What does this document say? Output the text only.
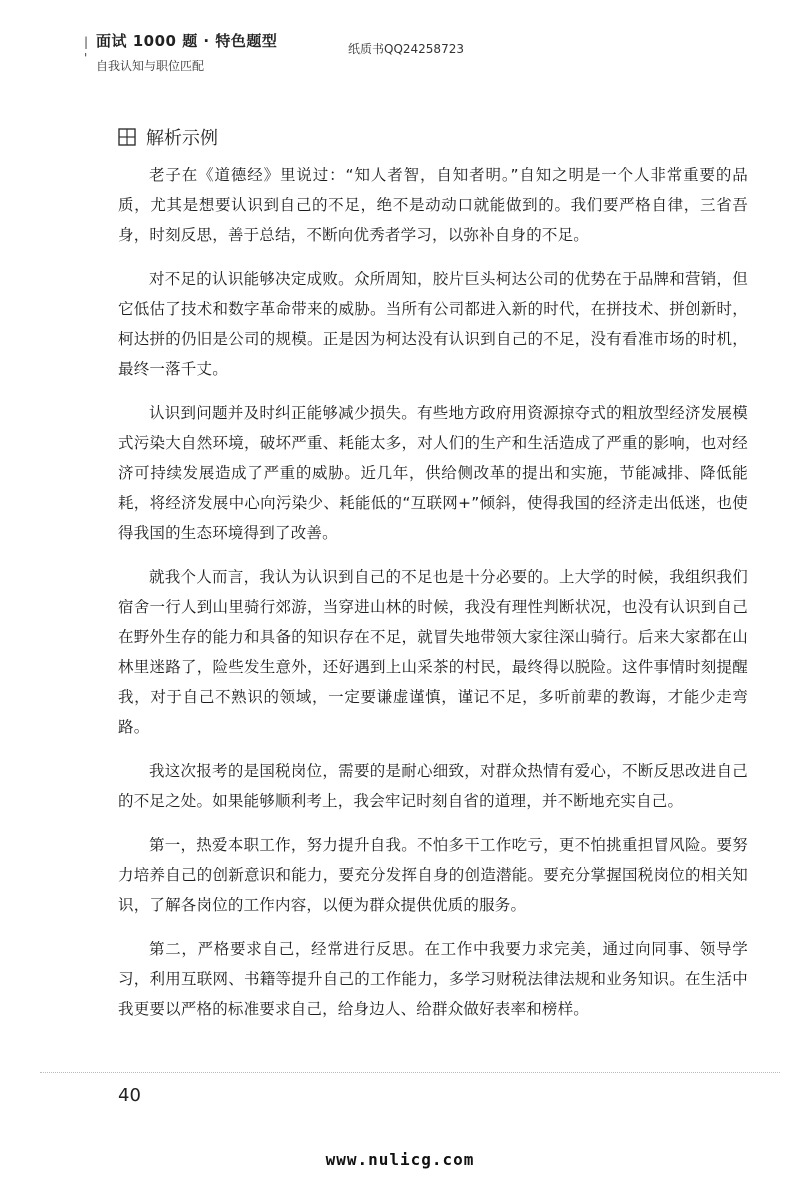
|
'
面试 1000 题 · 特色题型
自我认知与职位匹配
纸质书QQ24258723
解析示例

老子在《道德经》里说过：“知人者智，自知者明。”自知之明是一个人非常重要的品质，尤其是想要认识到自己的不足，绝不是动动口就能做到的。我们要严格自律，三省吾身，时刻反思，善于总结，不断向优秀者学习，以弥补自身的不足。

对不足的认识能够决定成败。众所周知，胶片巨头柯达公司的优势在于品牌和营销，但它低估了技术和数字革命带来的威胁。当所有公司都进入新的时代，在拼技术、拼创新时，柯达拼的仍旧是公司的规模。正是因为柯达没有认识到自己的不足，没有看准市场的时机，最终一落千丈。

认识到问题并及时纠正能够减少损失。有些地方政府用资源掠夺式的粗放型经济发展模式污染大自然环境，破坏严重、耗能太多，对人们的生产和生活造成了严重的影响，也对经济可持续发展造成了严重的威胁。近几年，供给侧改革的提出和实施，节能减排、降低能耗，将经济发展中心向污染少、耗能低的“互联网+”倾斜，使得我国的经济走出低迷，也使得我国的生态环境得到了改善。

就我个人而言，我认为认识到自己的不足也是十分必要的。上大学的时候，我组织我们宿舍一行人到山里骑行郊游，当穿进山林的时候，我没有理性判断状况，也没有认识到自己在野外生存的能力和具备的知识存在不足，就冒失地带领大家往深山骑行。后来大家都在山林里迷路了，险些发生意外，还好遇到上山采茶的村民，最终得以脱险。这件事情时刻提醒我，对于自己不熟识的领域，一定要谦虚谨慎，谨记不足，多听前辈的教诲，才能少走弯路。

我这次报考的是国税岗位，需要的是耐心细致，对群众热情有爱心，不断反思改进自己的不足之处。如果能够顺利考上，我会牢记时刻自省的道理，并不断地充实自己。

第一，热爱本职工作，努力提升自我。不怕多干工作吃亏，更不怕挑重担冒风险。要努力培养自己的创新意识和能力，要充分发挥自身的创造潜能。要充分掌握国税岗位的相关知识，了解各岗位的工作内容，以便为群众提供优质的服务。

第二，严格要求自己，经常进行反思。在工作中我要力求完美，通过向同事、领导学习，利用互联网、书籍等提升自己的工作能力，多学习财税法律法规和业务知识。在生活中我更要以严格的标准要求自己，给身边人、给群众做好表率和榜样。

40
www.nulicg.com
